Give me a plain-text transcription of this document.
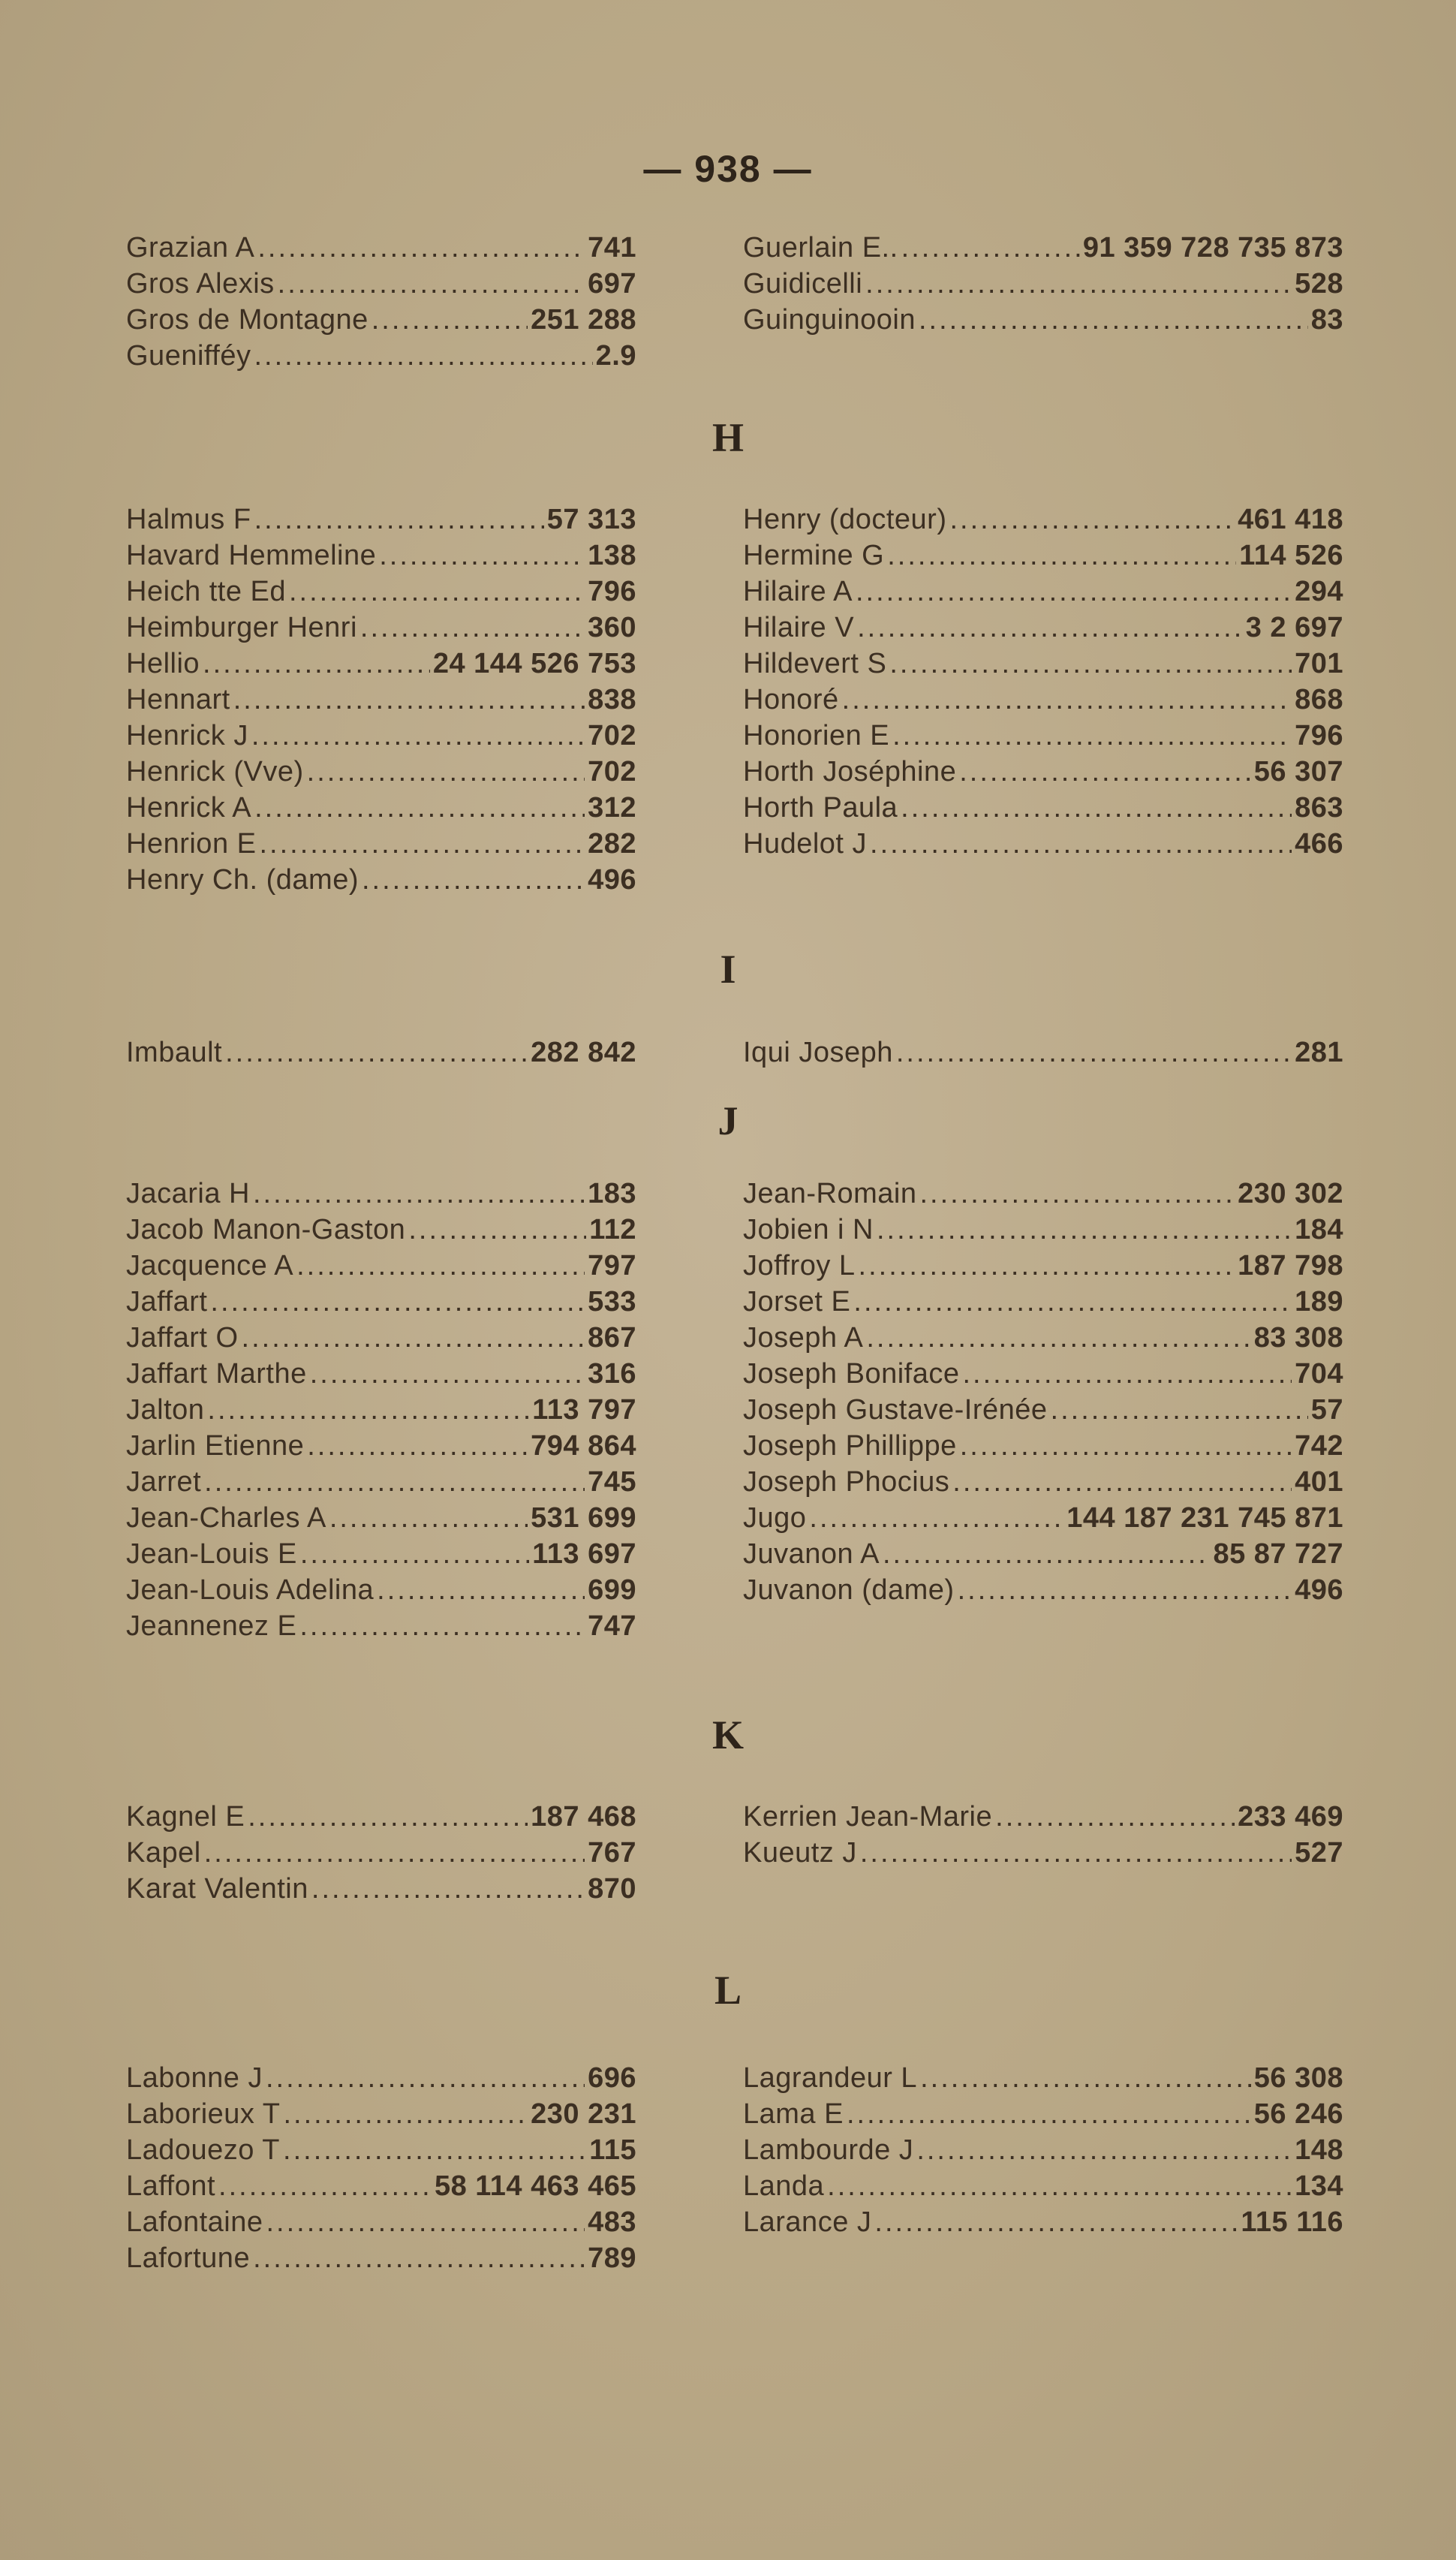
— 938 —
Grazian A .....	741
Gros Alexis .....	697
Gros de Montagne .....	251 288
Guenifféy .....	2.9
Guerlain E.. .....	91 359 728 735 873
Guidicelli .....	528
Guinguinooin .....	83
H
Halmus F .....	57 313
Havard Hemmeline .....	138
Heich tte Ed .....	796
Heimburger Henri .....	360
Hellio .....	24 144 526 753
Hennart .....	838
Henrick J .....	702
Henrick (Vve) .....	702
Henrick A .....	312
Henrion E .....	282
Henry Ch. (dame) .....	496
Henry (docteur) .....	461 418
Hermine G .....	114 526
Hilaire A .....	294
Hilaire V .....	3 2 697
Hildevert S .....	701
Honoré .....	868
Honorien E .....	796
Horth Joséphine .....	56 307
Horth Paula .....	863
Hudelot J .....	466
I
Imbault .....	282 842	Iqui Joseph .....	281
J
Jacaria H .....	183
Jacob Manon-Gaston .....	112
Jacquence A .....	797
Jaffart .....	533
Jaffart O .....	867
Jaffart Marthe .....	316
Jalton .....	113 797
Jarlin Etienne .....	794 864
Jarret .....	745
Jean-Charles A .....	531 699
Jean-Louis E .....	113 697
Jean-Louis Adelina .....	699
Jeannenez E .....	747
Jean-Romain .....	230 302
Jobien i N .....	184
Joffroy L .....	187 798
Jorset E .....	189
Joseph A .....	83 308
Joseph Boniface .....	704
Joseph Gustave-Irénée .....	57
Joseph Phillippe .....	742
Joseph Phocius .....	401
Jugo .....	144 187 231 745 871
Juvanon A .....	85 87 727
Juvanon (dame) .....	496
K
Kagnel E .....	187 468
Kapel .....	767
Karat Valentin .....	870
Kerrien Jean-Marie .....	233 469
Kueutz J .....	527
L
Labonne J .....	696
Laborieux T .....	230 231
Ladouezo T .....	115
Laffont .....	58 114 463 465
Lafontaine .....	483
Lafortune .....	789
Lagrandeur L .....	56 308
Lama E .....	56 246
Lambourde J .....	148
Landa .....	134
Larance J .....	115 116
